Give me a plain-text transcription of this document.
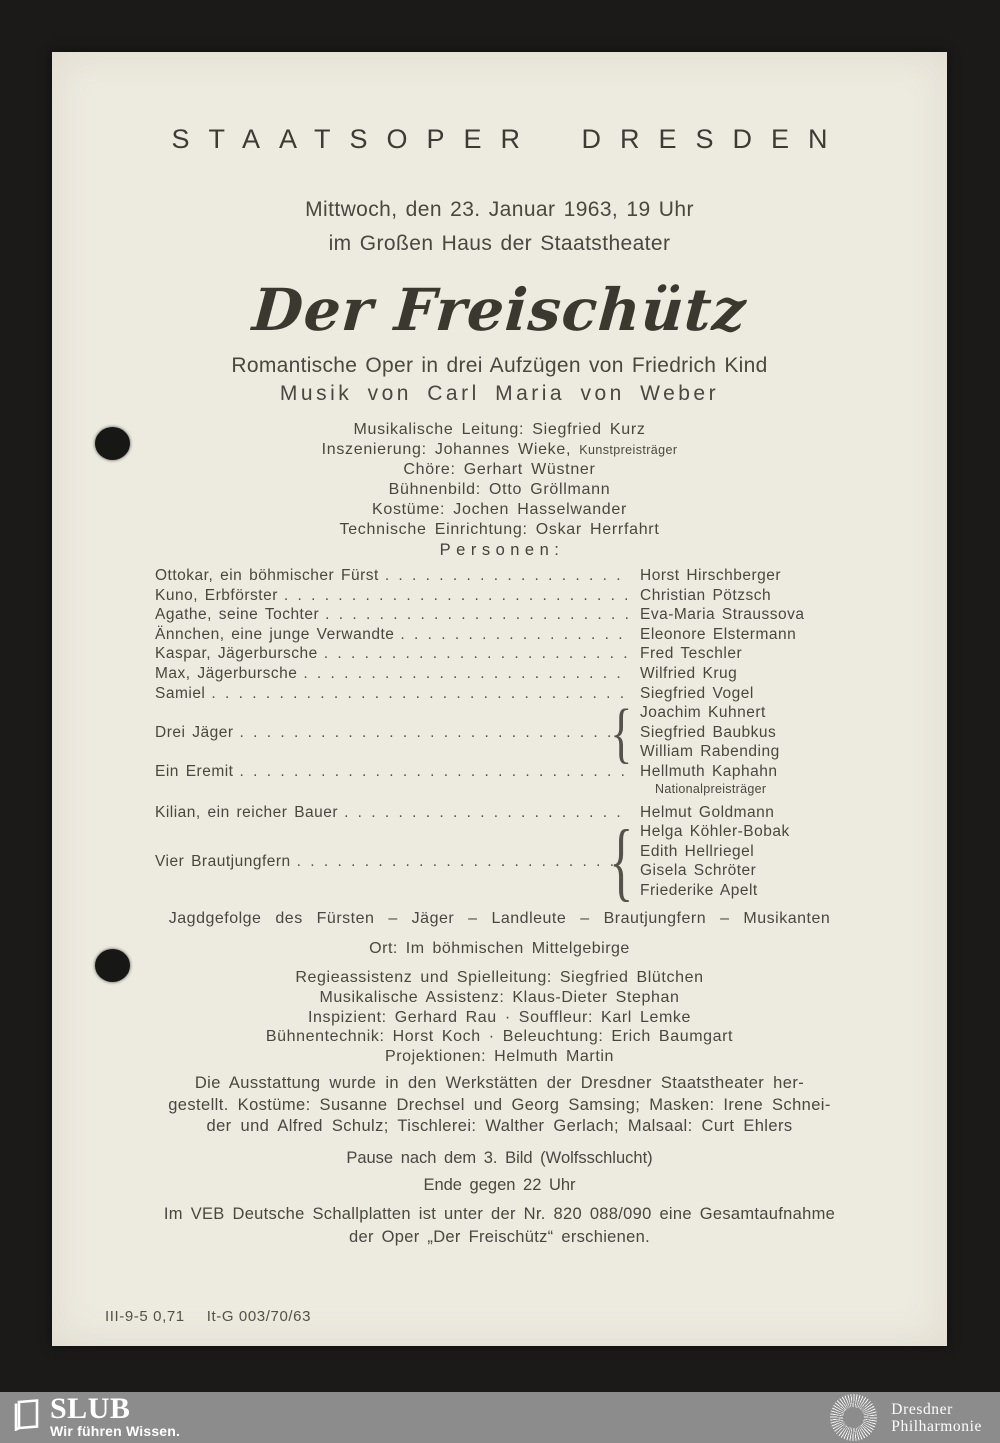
STAATSOPER DRESDEN
Mittwoch, den 23. Januar 1963, 19 Uhr
im Großen Haus der Staatstheater
Der Freischütz
Romantische Oper in drei Aufzügen von Friedrich Kind
Musik von Carl Maria von Weber
Musikalische Leitung: Siegfried Kurz
Inszenierung: Johannes Wieke, Kunstpreisträger
Chöre: Gerhart Wüstner
Bühnenbild: Otto Gröllmann
Kostüme: Jochen Hasselwander
Technische Einrichtung: Oskar Herrfahrt
Personen:
Ottokar, ein böhmischer Fürst . . .	Horst Hirschberger
Kuno, Erbförster . . .	Christian Pötzsch
Agathe, seine Tochter . . .	Eva-Maria Straussova
Ännchen, eine junge Verwandte . . .	Eleonore Elstermann
Kaspar, Jägerbursche . . .	Fred Teschler
Max, Jägerbursche . . .	Wilfried Krug
Samiel . . .	Siegfried Vogel
Drei Jäger . . .	{ Joachim Kuhnert
Siegfried Baubkus
William Rabending
Ein Eremit . . .	Hellmuth Kaphahn
Nationalpreisträger
Kilian, ein reicher Bauer . . .	Helmut Goldmann
Vier Brautjungfern . . .	{ Helga Köhler-Bobak
Edith Hellriegel
Gisela Schröter
Friederike Apelt
Jagdgefolge des Fürsten – Jäger – Landleute – Brautjungfern – Musikanten
Ort: Im böhmischen Mittelgebirge
Regieassistenz und Spielleitung: Siegfried Blütchen
Musikalische Assistenz: Klaus-Dieter Stephan
Inspizient: Gerhard Rau · Souffleur: Karl Lemke
Bühnentechnik: Horst Koch · Beleuchtung: Erich Baumgart
Projektionen: Helmuth Martin
Die Ausstattung wurde in den Werkstätten der Dresdner Staatstheater her-
gestellt. Kostüme: Susanne Drechsel und Georg Samsing; Masken: Irene Schnei-
der und Alfred Schulz; Tischlerei: Walther Gerlach; Malsaal: Curt Ehlers
Pause nach dem 3. Bild (Wolfsschlucht)
Ende gegen 22 Uhr
Im VEB Deutsche Schallplatten ist unter der Nr. 820 088/090 eine Gesamtaufnahme
der Oper „Der Freischütz“ erschienen.
III-9-5 0,71 It-G 003/70/63
SLUB
Wir führen Wissen.
Dresdner
Philharmonie
